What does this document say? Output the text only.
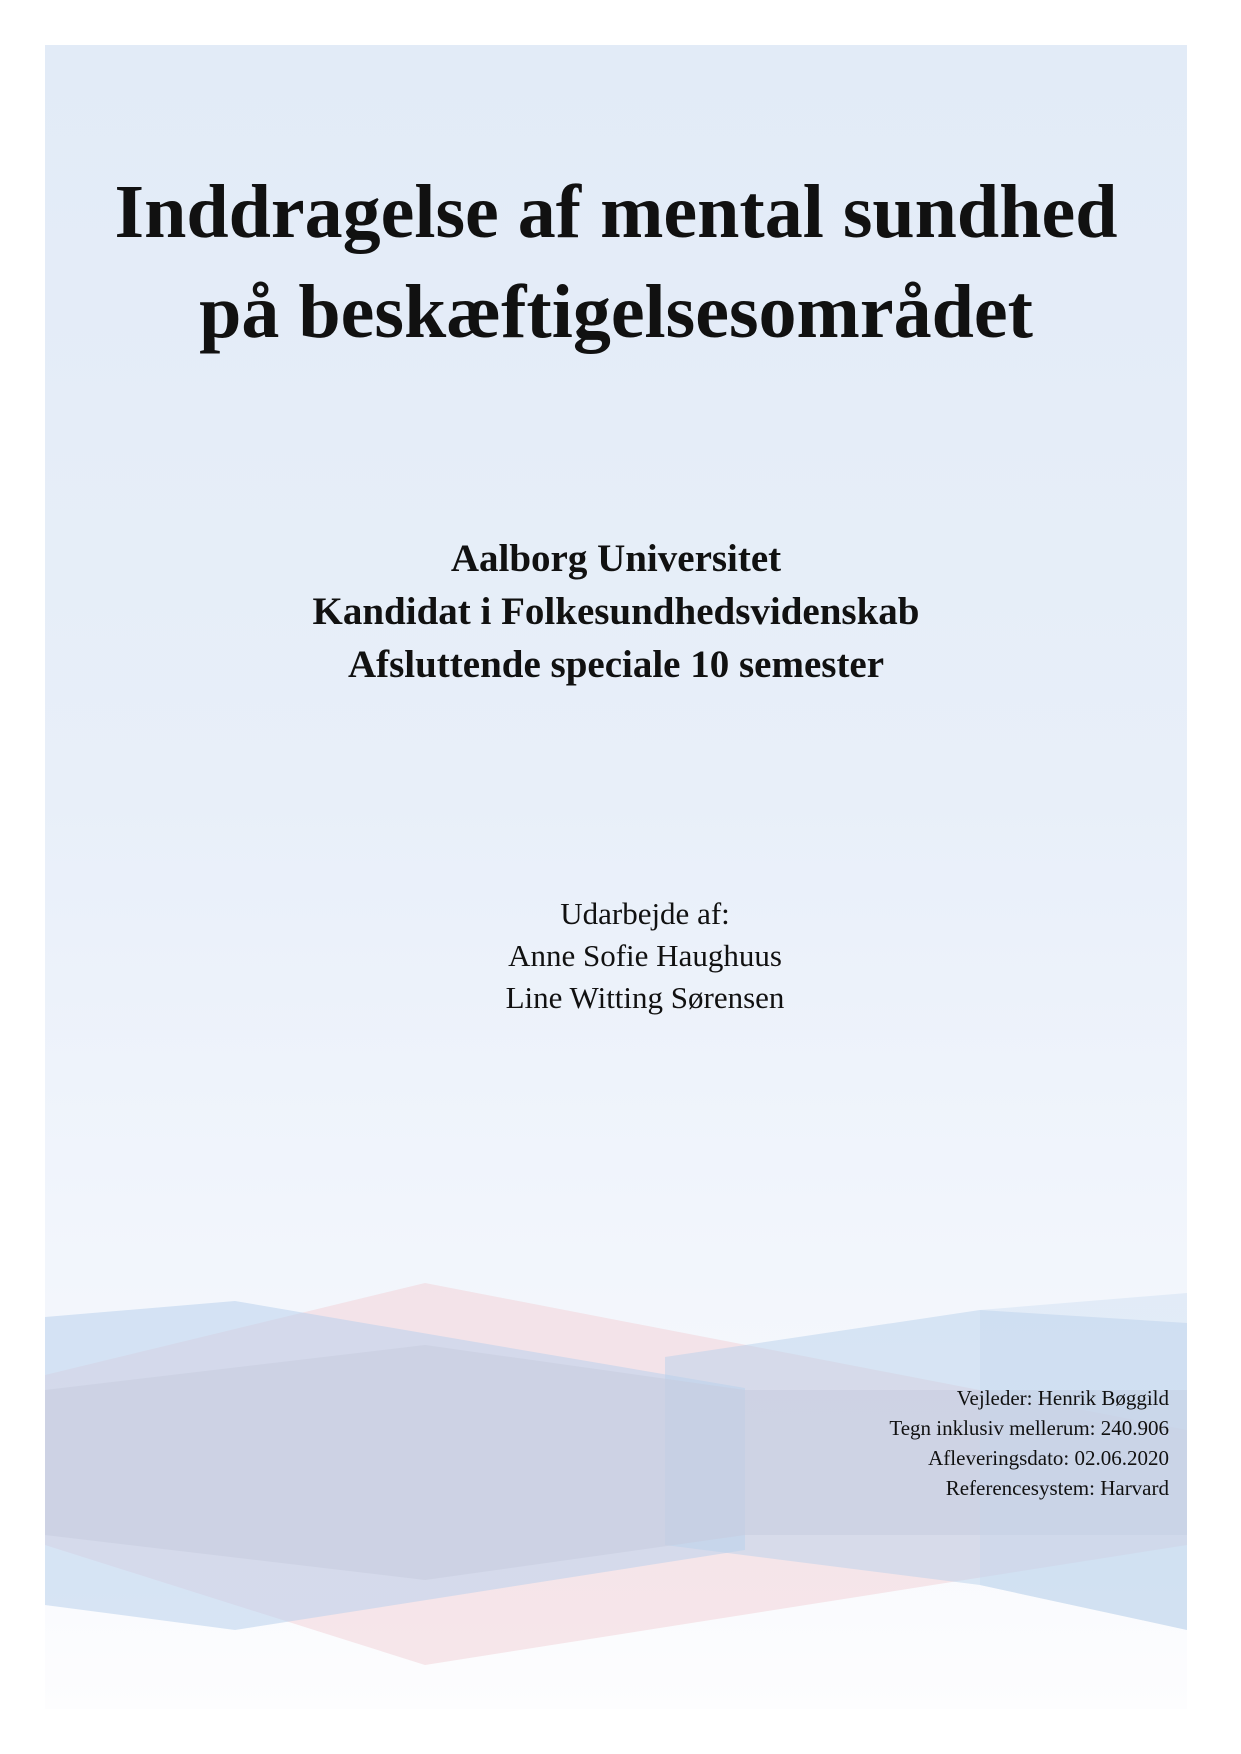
Inddragelse af mental sundhed
på beskæftigelsesområdet
Aalborg Universitet
Kandidat i Folkesundhedsvidenskab
Afsluttende speciale 10 semester
Udarbejde af:
Anne Sofie Haughuus
Line Witting Sørensen
Vejleder: Henrik Bøggild
Tegn inklusiv mellerum: 240.906
Afleveringsdato: 02.06.2020
Referencesystem: Harvard
